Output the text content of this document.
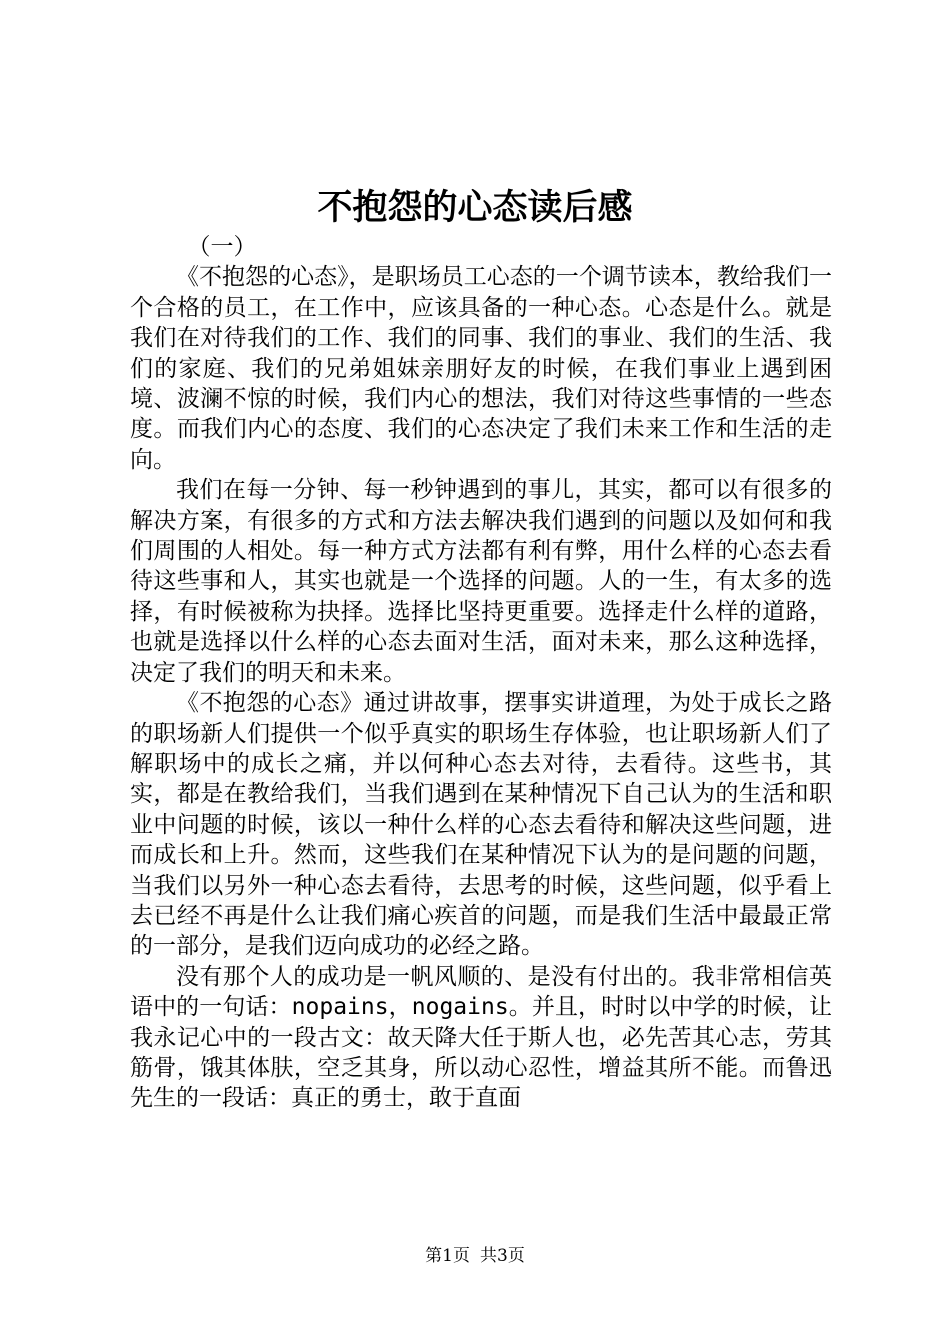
不抱怨的心态读后感

（一）

《不抱怨的心态》，是职场员工心态的一个调节读本，教给我们一个合格的员工，在工作中，应该具备的一种心态。心态是什么。就是我们在对待我们的工作、我们的同事、我们的事业、我们的生活、我们的家庭、我们的兄弟姐妹亲朋好友的时候，在我们事业上遇到困境、波澜不惊的时候，我们内心的想法，我们对待这些事情的一些态度。而我们内心的态度、我们的心态决定了我们未来工作和生活的走向。

我们在每一分钟、每一秒钟遇到的事儿，其实，都可以有很多的解决方案，有很多的方式和方法去解决我们遇到的问题以及如何和我们周围的人相处。每一种方式方法都有利有弊，用什么样的心态去看待这些事和人，其实也就是一个选择的问题。人的一生，有太多的选择，有时候被称为抉择。选择比坚持更重要。选择走什么样的道路，也就是选择以什么样的心态去面对生活，面对未来，那么这种选择，决定了我们的明天和未来。

《不抱怨的心态》通过讲故事，摆事实讲道理，为处于成长之路的职场新人们提供一个似乎真实的职场生存体验，也让职场新人们了解职场中的成长之痛，并以何种心态去对待，去看待。这些书，其实，都是在教给我们，当我们遇到在某种情况下自己认为的生活和职业中问题的时候，该以一种什么样的心态去看待和解决这些问题，进而成长和上升。然而，这些我们在某种情况下认为的是问题的问题，当我们以另外一种心态去看待，去思考的时候，这些问题，似乎看上去已经不再是什么让我们痛心疾首的问题，而是我们生活中最最正常的一部分，是我们迈向成功的必经之路。

没有那个人的成功是一帆风顺的、是没有付出的。我非常相信英语中的一句话：nopains，nogains。并且，时时以中学的时候，让我永记心中的一段古文：故天降大任于斯人也，必先苦其心志，劳其筋骨，饿其体肤，空乏其身，所以动心忍性，增益其所不能。而鲁迅先生的一段话：真正的勇士，敢于直面

第1页 共3页
